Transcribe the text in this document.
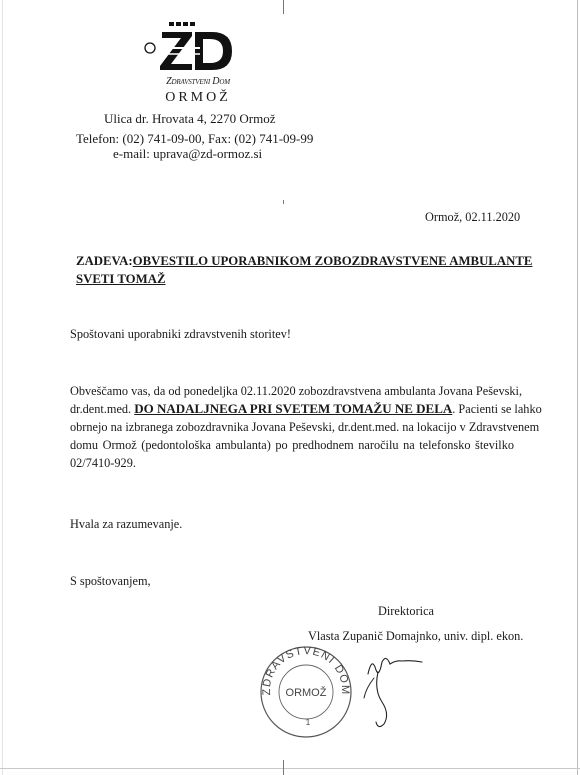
Zdravstveni Dom
ORMOŽ
Ulica dr. Hrovata 4, 2270 Ormož
Telefon: (02) 741-09-00, Fax: (02) 741-09-99
e-mail: uprava@zd-ormoz.si
Ormož, 02.11.2020
ZADEVA: OBVESTILO UPORABNIKOM ZOBOZDRAVSTVENE AMBULANTE
SVETI TOMAŽ
Spoštovani uporabniki zdravstvenih storitev!
Obveščamo vas, da od ponedeljka 02.11.2020 zobozdravstvena ambulanta Jovana Peševski,
dr.dent.med. DO NADALJNEGA PRI SVETEM TOMAŽU NE DELA. Pacienti se lahko
obrnejo na izbranega zobozdravnika Jovana Peševski, dr.dent.med. na lokacijo v Zdravstvenem
domu Ormož (pedontološka ambulanta) po predhodnem naročilu na telefonsko številko
02/7410-929.
Hvala za razumevanje.
S spoštovanjem,
Direktorica
Vlasta Zupanič Domajnko, univ. dipl. ekon.
ZDRAVSTVENI DOM
ORMOŽ
1
